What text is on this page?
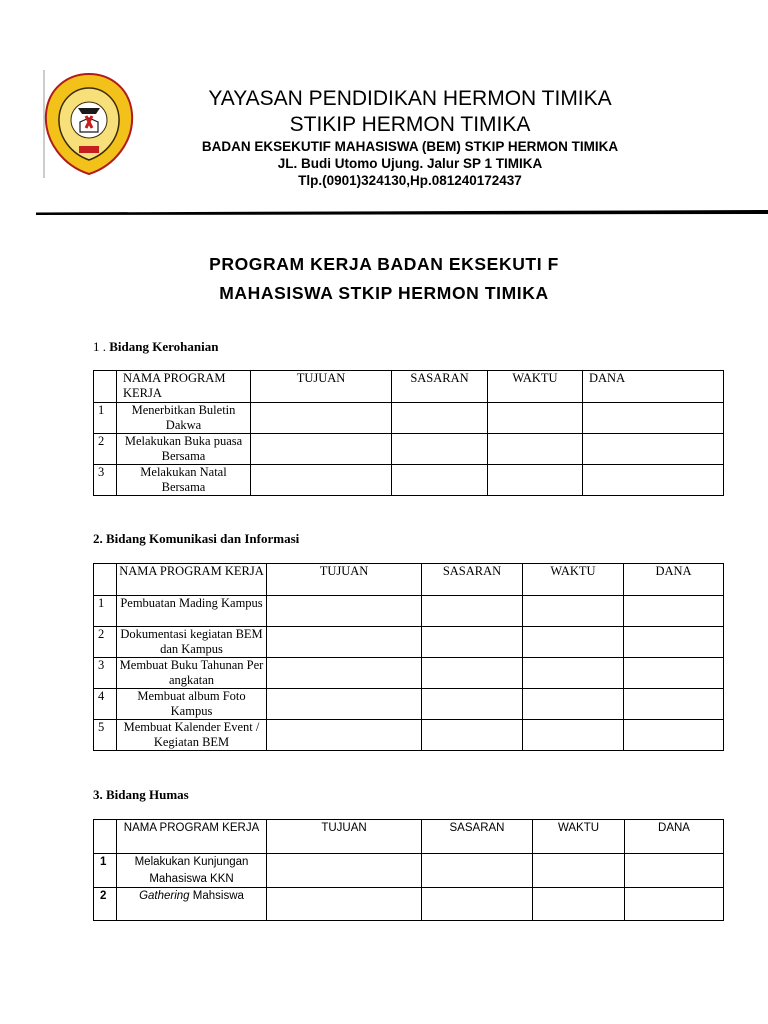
YAYASAN PENDIDIKAN HERMON TIMIKA
STIKIP HERMON TIMIKA
BADAN EKSEKUTIF MAHASISWA (BEM) STKIP HERMON TIMIKA
JL. Budi Utomo Ujung. Jalur SP 1 TIMIKA
Tlp.(0901)324130,Hp.081240172437
PROGRAM KERJA BADAN EKSEKUTI F
MAHASISWA STKIP HERMON TIMIKA
1 . Bidang Kerohanian
	NAMA PROGRAM KERJA	TUJUAN	SASARAN	WAKTU	DANA
1	Menerbitkan Buletin Dakwa				
2	Melakukan Buka puasa Bersama				
3	Melakukan Natal Bersama				
2. Bidang Komunikasi dan Informasi
	NAMA PROGRAM KERJA	TUJUAN	SASARAN	WAKTU	DANA
1	Pembuatan Mading Kampus				
2	Dokumentasi kegiatan BEM dan Kampus				
3	Membuat Buku Tahunan Per angkatan				
4	Membuat album Foto Kampus				
5	Membuat Kalender Event / Kegiatan BEM				
3. Bidang Humas
	NAMA PROGRAM KERJA	TUJUAN	SASARAN	WAKTU	DANA
1	Melakukan Kunjungan Mahasiswa KKN				
2	Gathering Mahsiswa				
